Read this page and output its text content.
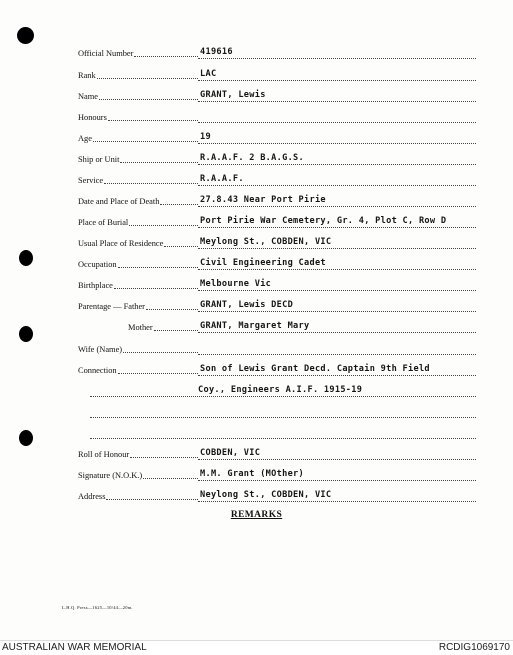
Official Number	419616
Rank	LAC
Name	GRANT, Lewis
Honours
Age	19
Ship or Unit	R.A.A.F. 2 B.A.G.S.
Service	R.A.A.F.
Date and Place of Death	27.8.43 Near Port Pirie
Place of Burial	Port Pirie War Cemetery, Gr. 4, Plot C, Row D
Usual Place of Residence	Meylong St., COBDEN, VIC
Occupation	Civil Engineering Cadet
Birthplace	Melbourne Vic
Parentage — Father	GRANT, Lewis DECD
Mother	GRANT, Margaret Mary
Wife (Name)
Connection	Son of Lewis Grant Decd. Captain 9th Field
Coy., Engineers A.I.F. 1915-19
Roll of Honour	COBDEN, VIC
Signature (N.O.K.)	M.M. Grant (MOther)
Address	Neylong St., COBDEN, VIC
REMARKS
L.H.Q. Press—1625—10/44—20m.
AUSTRALIAN WAR MEMORIAL	RCDIG1069170
